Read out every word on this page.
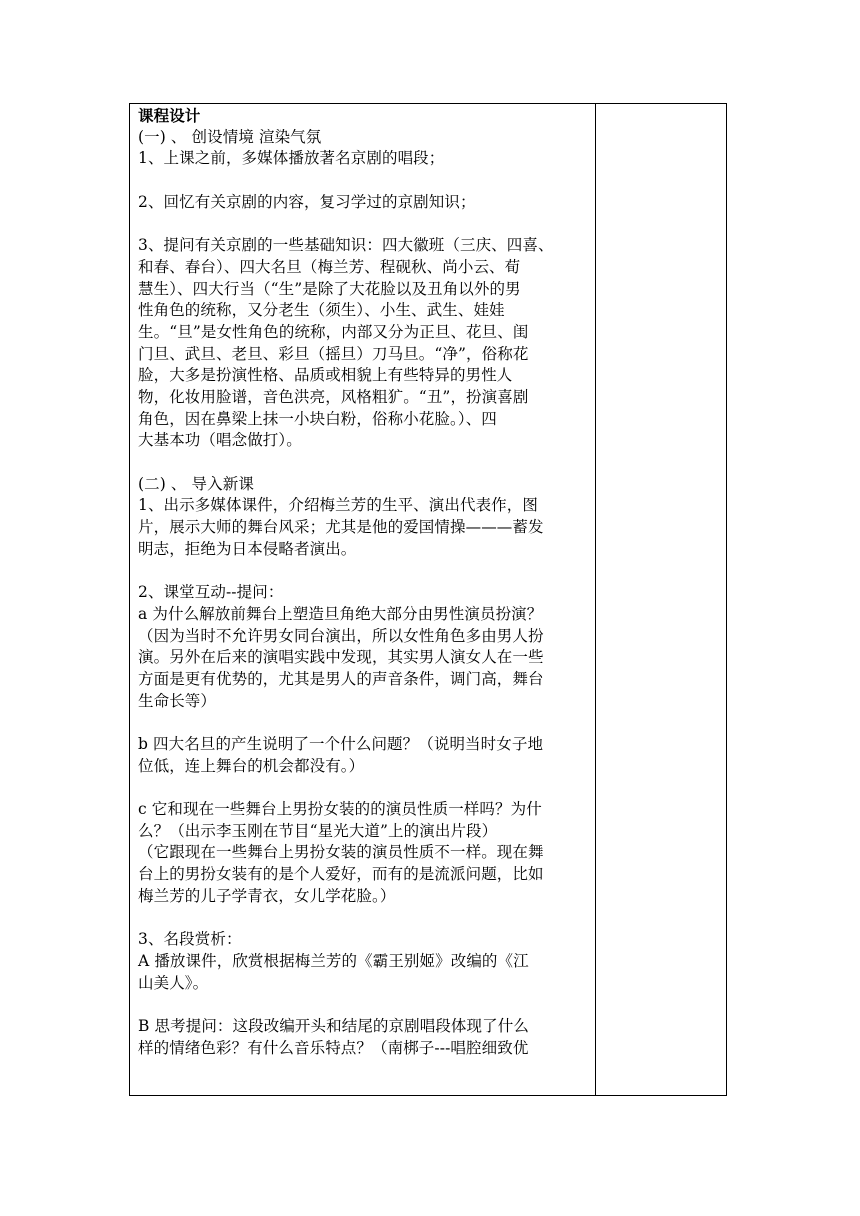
课程设计
(一) 、 创设情境 渲染气氛
1、上课之前，多媒体播放著名京剧的唱段；
2、回忆有关京剧的内容，复习学过的京剧知识；
3、提问有关京剧的一些基础知识：四大徽班（三庆、四喜、
和春、春台）、四大名旦（梅兰芳、程砚秋、尚小云、荀
慧生）、四大行当（“生”是除了大花脸以及丑角以外的男
性角色的统称，又分老生（须生）、小生、武生、娃娃
生。“旦”是女性角色的统称，内部又分为正旦、花旦、闺
门旦、武旦、老旦、彩旦（摇旦）刀马旦。“净”，俗称花
脸，大多是扮演性格、品质或相貌上有些特异的男性人
物，化妆用脸谱，音色洪亮，风格粗犷。“丑”，扮演喜剧
角色，因在鼻梁上抹一小块白粉，俗称小花脸。）、四
大基本功（唱念做打）。
(二) 、 导入新课
1、出示多媒体课件，介绍梅兰芳的生平、演出代表作，图
片，展示大师的舞台风采；尤其是他的爱国情操———蓄发
明志，拒绝为日本侵略者演出。
2、课堂互动--提问：
a 为什么解放前舞台上塑造旦角绝大部分由男性演员扮演？
（因为当时不允许男女同台演出，所以女性角色多由男人扮
演。另外在后来的演唱实践中发现，其实男人演女人在一些
方面是更有优势的，尤其是男人的声音条件，调门高，舞台
生命长等）
b 四大名旦的产生说明了一个什么问题？（说明当时女子地
位低，连上舞台的机会都没有。）
c 它和现在一些舞台上男扮女装的的演员性质一样吗？为什
么？（出示李玉刚在节目“星光大道”上的演出片段）
（它跟现在一些舞台上男扮女装的演员性质不一样。现在舞
台上的男扮女装有的是个人爱好，而有的是流派问题，比如
梅兰芳的儿子学青衣，女儿学花脸。）
3、名段赏析：
A 播放课件，欣赏根据梅兰芳的《霸王别姬》改编的《江
山美人》。
B 思考提问：这段改编开头和结尾的京剧唱段体现了什么
样的情绪色彩？有什么音乐特点？（南梆子---唱腔细致优
